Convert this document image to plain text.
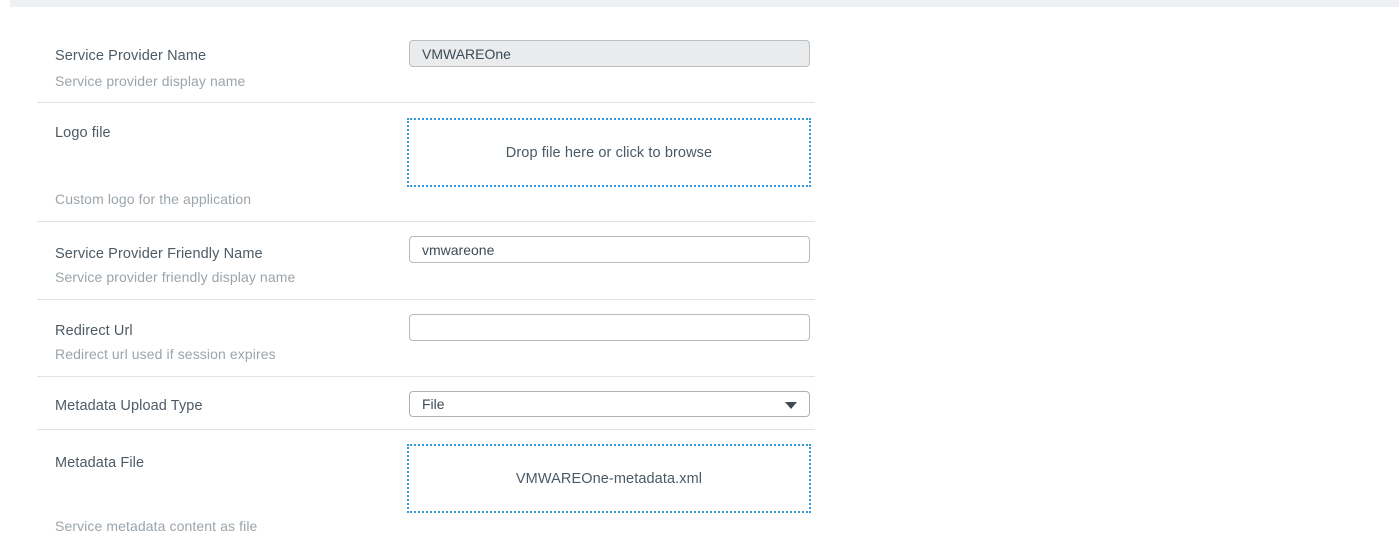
Service Provider Name
Service provider display name
VMWAREOne
Logo file
Drop file here or click to browse
Custom logo for the application
Service Provider Friendly Name
Service provider friendly display name
vmwareone
Redirect Url
Redirect url used if session expires
Metadata Upload Type	File
Metadata File
VMWAREOne-metadata.xml
Service metadata content as file
